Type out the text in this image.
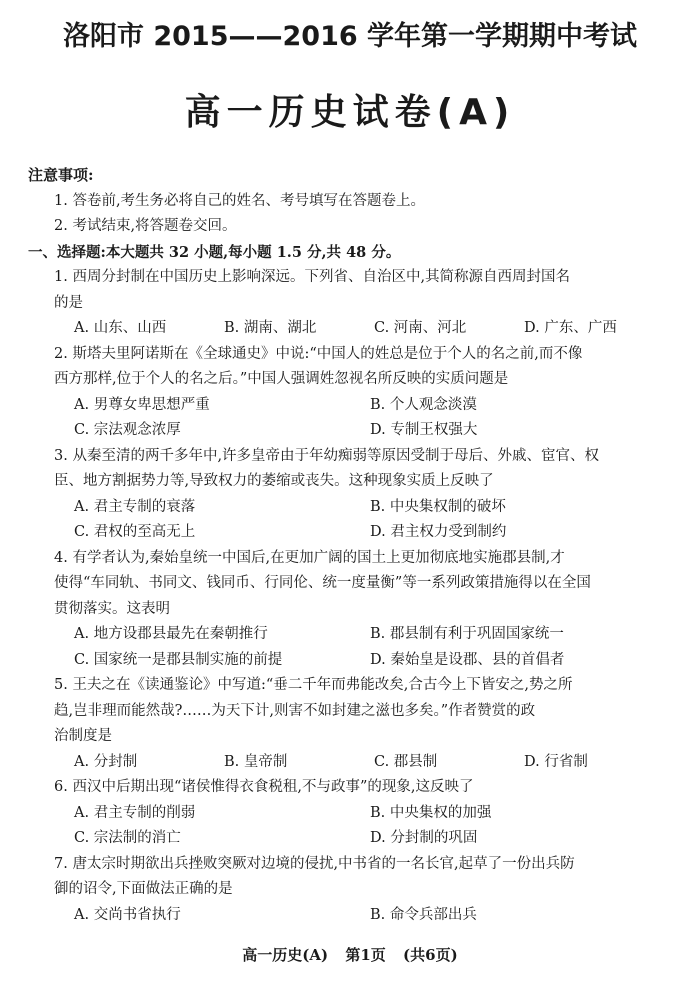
洛阳市 2015——2016 学年第一学期期中考试
高一历史试卷(A)
注意事项:
1. 答卷前,考生务必将自己的姓名、考号填写在答题卷上。
2. 考试结束,将答题卷交回。
一、选择题:本大题共 32 小题,每小题 1.5 分,共 48 分。
1. 西周分封制在中国历史上影响深远。下列省、自治区中,其简称源自西周封国名
的是
A. 山东、山西	B. 湖南、湖北	C. 河南、河北	D. 广东、广西
2. 斯塔夫里阿诺斯在《全球通史》中说:“中国人的姓总是位于个人的名之前,而不像
西方那样,位于个人的名之后。”中国人强调姓忽视名所反映的实质问题是
A. 男尊女卑思想严重	B. 个人观念淡漠
C. 宗法观念浓厚	D. 专制王权强大
3. 从秦至清的两千多年中,许多皇帝由于年幼痴弱等原因受制于母后、外戚、宦官、权
臣、地方割据势力等,导致权力的萎缩或丧失。这种现象实质上反映了
A. 君主专制的衰落	B. 中央集权制的破坏
C. 君权的至高无上	D. 君主权力受到制约
4. 有学者认为,秦始皇统一中国后,在更加广阔的国土上更加彻底地实施郡县制,才
使得“车同轨、书同文、钱同币、行同伦、统一度量衡”等一系列政策措施得以在全国
贯彻落实。这表明
A. 地方设郡县最先在秦朝推行	B. 郡县制有利于巩固国家统一
C. 国家统一是郡县制实施的前提	D. 秦始皇是设郡、县的首倡者
5. 王夫之在《读通鉴论》中写道:“垂二千年而弗能改矣,合古今上下皆安之,势之所
趋,岂非理而能然哉?……为天下计,则害不如封建之滋也多矣。”作者赞赏的政
治制度是
A. 分封制	B. 皇帝制	C. 郡县制	D. 行省制
6. 西汉中后期出现“诸侯惟得衣食税租,不与政事”的现象,这反映了
A. 君主专制的削弱	B. 中央集权的加强
C. 宗法制的消亡	D. 分封制的巩固
7. 唐太宗时期欲出兵挫败突厥对边境的侵扰,中书省的一名长官,起草了一份出兵防
御的诏令,下面做法正确的是
A. 交尚书省执行	B. 命令兵部出兵
高一历史(A) 第1页 (共6页)
